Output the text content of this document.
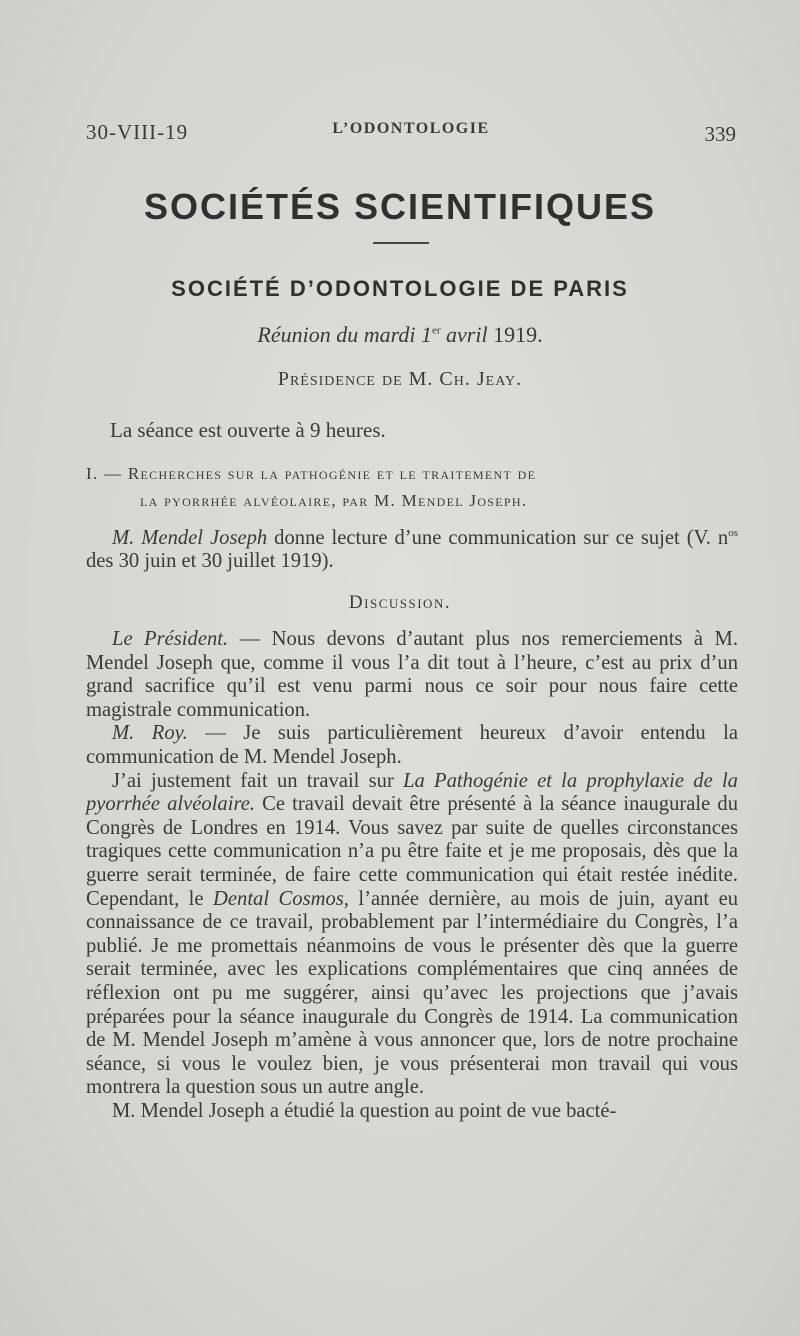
30-VIII-19	L’ODONTOLOGIE	339
SOCIÉTÉS SCIENTIFIQUES
SOCIÉTÉ D’ODONTOLOGIE DE PARIS
Réunion du mardi 1er avril 1919.
Présidence de M. Ch. Jeay.
La séance est ouverte à 9 heures.
I. — Recherches sur la pathogénie et le traitement de
la pyorrhée alvéolaire, par M. Mendel Joseph.

M. Mendel Joseph donne lecture d’une communication sur ce sujet (V. $n^{os}$ des 30 juin et 30 juillet 1919).

Discussion.

Le Président. — Nous devons d’autant plus nos remerciements à M. Mendel Joseph que, comme il vous l’a dit tout à l’heure, c’est au prix d’un grand sacrifice qu’il est venu parmi nous ce soir pour nous faire cette magistrale communication.

M. Roy. — Je suis particulièrement heureux d’avoir entendu la communication de M. Mendel Joseph.

J’ai justement fait un travail sur La Pathogénie et la prophylaxie de la pyorrhée alvéolaire. Ce travail devait être présenté à la séance inaugurale du Congrès de Londres en 1914. Vous savez par suite de quelles circonstances tragiques cette communication n’a pu être faite et je me proposais, dès que la guerre serait terminée, de faire cette communication qui était restée inédite. Cependant, le Dental Cosmos, l’année dernière, au mois de juin, ayant eu connaissance de ce travail, probablement par l’intermédiaire du Congrès, l’a publié. Je me promettais néanmoins de vous le présenter dès que la guerre serait terminée, avec les explications complémentaires que cinq années de réflexion ont pu me suggérer, ainsi qu’avec les projections que j’avais préparées pour la séance inaugurale du Congrès de 1914. La communication de M. Mendel Joseph m’amène à vous annoncer que, lors de notre prochaine séance, si vous le voulez bien, je vous présenterai mon travail qui vous montrera la question sous un autre angle.

M. Mendel Joseph a étudié la question au point de vue bacté-
